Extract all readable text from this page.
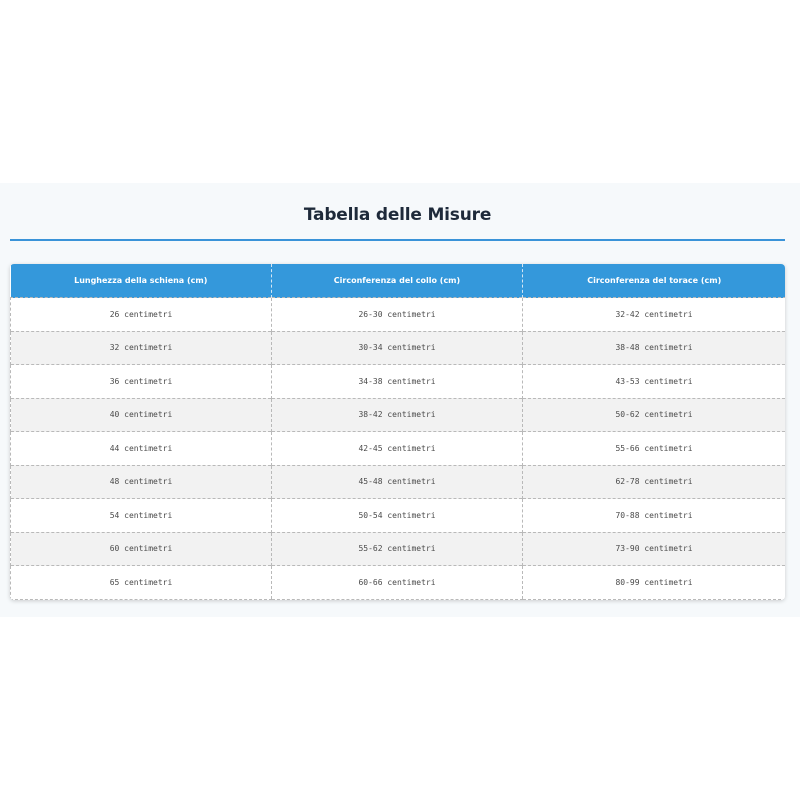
Tabella delle Misure
Lunghezza della schiena (cm)	Circonferenza del collo (cm)	Circonferenza del torace (cm)
26 centimetri	26-30 centimetri	32-42 centimetri
32 centimetri	30-34 centimetri	38-48 centimetri
36 centimetri	34-38 centimetri	43-53 centimetri
40 centimetri	38-42 centimetri	50-62 centimetri
44 centimetri	42-45 centimetri	55-66 centimetri
48 centimetri	45-48 centimetri	62-78 centimetri
54 centimetri	50-54 centimetri	70-88 centimetri
60 centimetri	55-62 centimetri	73-90 centimetri
65 centimetri	60-66 centimetri	80-99 centimetri
